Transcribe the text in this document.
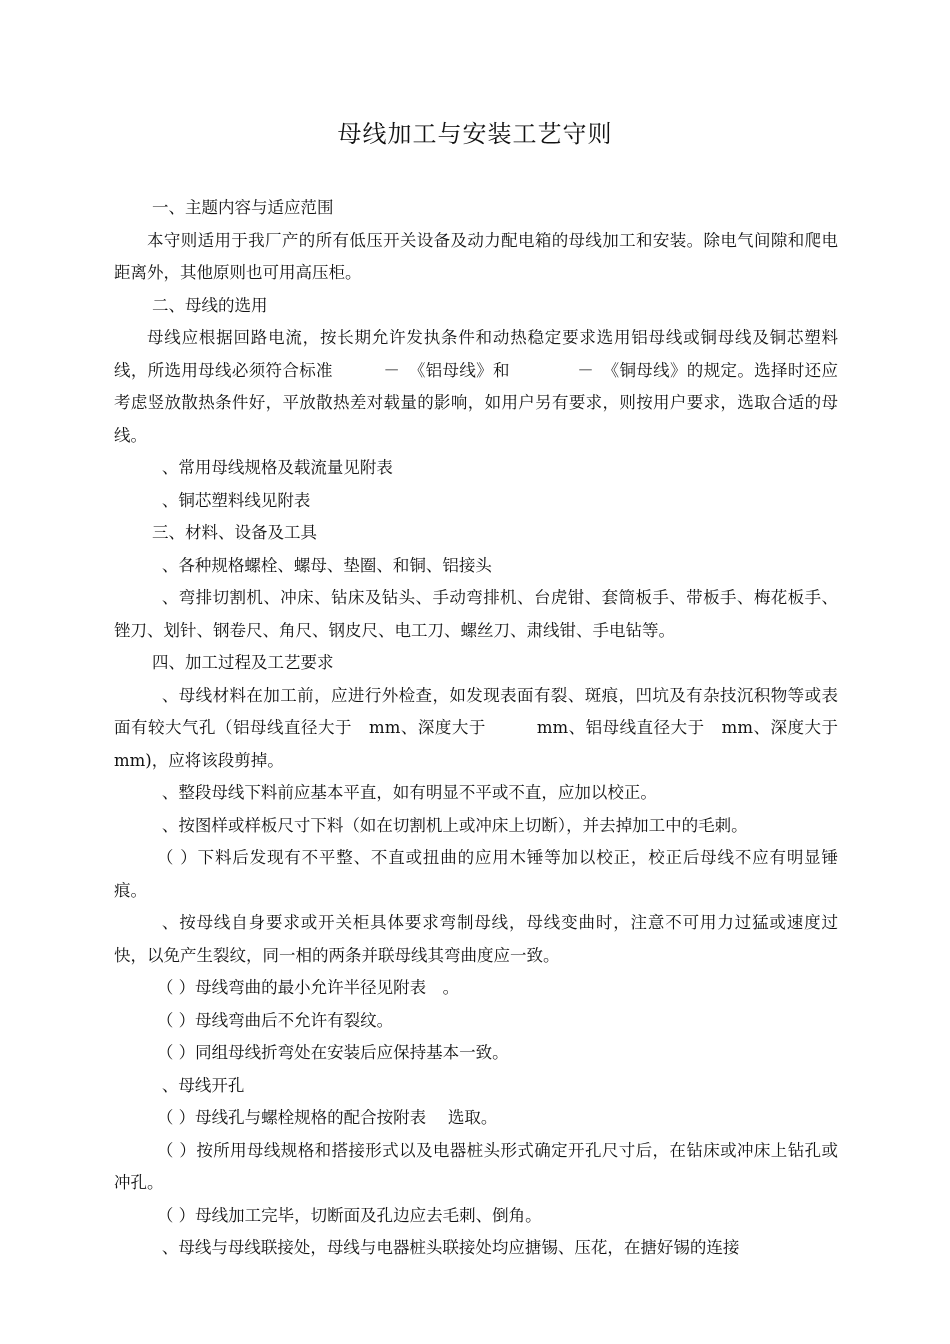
母线加工与安装工艺守则

一、主题内容与适应范围

本守则适用于我厂产的所有低压开关设备及动力配电箱的母线加工和安装。除电气间隙和爬电距离外，其他原则也可用高压柜。

二、母线的选用

母线应根据回路电流，按长期允许发执条件和动热稳定要求选用铝母线或铜母线及铜芯塑料线，所选用母线必须符合标准　　　－　《铝母线》和　　　　－　《铜母线》的规定。选择时还应考虑竖放散热条件好，平放散热差对载量的影响，如用户另有要求，则按用户要求，选取合适的母线。

、常用母线规格及载流量见附表

、铜芯塑料线见附表

三、材料、设备及工具

、各种规格螺栓、螺母、垫圈、和铜、铝接头

、弯排切割机、冲床、钻床及钻头、手动弯排机、台虎钳、套筒板手、带板手、梅花板手、锉刀、划针、钢卷尺、角尺、钢皮尺、电工刀、螺丝刀、肃线钳、手电钻等。

四、加工过程及工艺要求

、母线材料在加工前，应进行外检查，如发现表面有裂、斑痕，凹坑及有杂技沉积物等或表面有较大气孔（铝母线直径大于　mm、深度大于　　　mm、铝母线直径大于　mm、深度大于　　　mm)，应将该段剪掉。

、整段母线下料前应基本平直，如有明显不平或不直，应加以校正。

、按图样或样板尺寸下料（如在切割机上或冲床上切断），并去掉加工中的毛刺。

（ ）下料后发现有不平整、不直或扭曲的应用木锤等加以校正，校正后母线不应有明显锤痕。

、按母线自身要求或开关柜具体要求弯制母线，母线变曲时，注意不可用力过猛或速度过快，以免产生裂纹，同一相的两条并联母线其弯曲度应一致。

（ ）母线弯曲的最小允许半径见附表　。

（ ）母线弯曲后不允许有裂纹。

（ ）同组母线折弯处在安装后应保持基本一致。

、母线开孔

（ ）母线孔与螺栓规格的配合按附表　 选取。

（ ）按所用母线规格和搭接形式以及电器桩头形式确定开孔尺寸后，在钻床或冲床上钻孔或冲孔。

（ ）母线加工完毕，切断面及孔边应去毛刺、倒角。

、母线与母线联接处，母线与电器桩头联接处均应搪锡、压花，在搪好锡的连接
